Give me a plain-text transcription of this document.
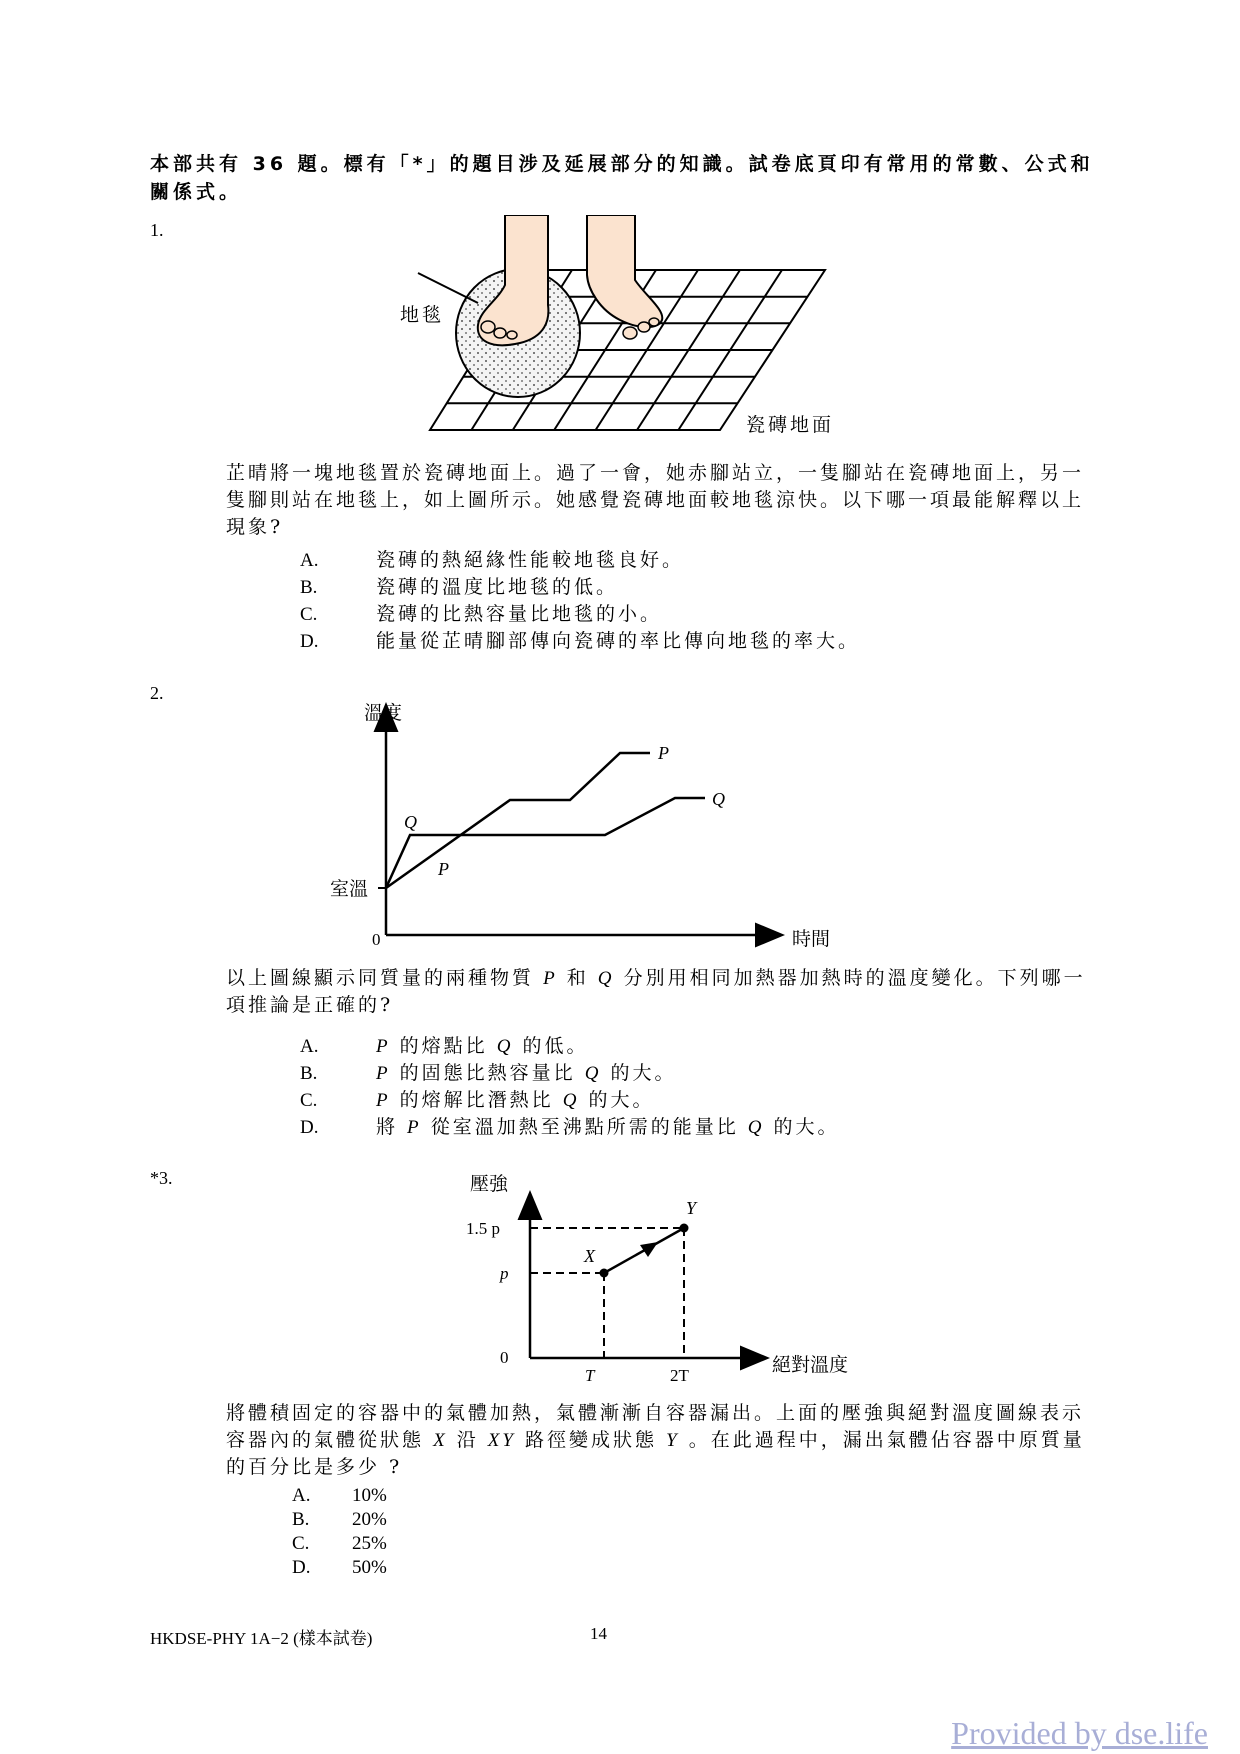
本部共有 36 題。標有「*」的題目涉及延展部分的知識。試卷底頁印有常用的常數、公式和關係式。
1.
地毯
瓷磚地面
芷晴將一塊地毯置於瓷磚地面上。過了一會，她赤腳站立，一隻腳站在瓷磚地面上，另一隻腳則站在地毯上，如上圖所示。她感覺瓷磚地面較地毯涼快。以下哪一項最能解釋以上現象?
A.	瓷磚的熱絕緣性能較地毯良好。
B.	瓷磚的溫度比地毯的低。
C.	瓷磚的比熱容量比地毯的小。
D.	能量從芷晴腳部傳向瓷磚的率比傳向地毯的率大。
2.
溫度
時間
0
室溫
P
P
Q
Q
以上圖線顯示同質量的兩種物質 P 和 Q 分別用相同加熱器加熱時的溫度變化。下列哪一項推論是正確的?
A.	P 的熔點比 Q 的低。
B.	P 的固態比熱容量比 Q 的大。
C.	P 的熔解比潛熱比 Q 的大。
D.	將 P 從室溫加熱至沸點所需的能量比 Q 的大。
*3.	壓強
絕對溫度
0
p
1.5 p
T	2T
X
Y
將體積固定的容器中的氣體加熱，氣體漸漸自容器漏出。上面的壓強與絕對溫度圖線表示容器內的氣體從狀態 X 沿 XY 路徑變成狀態 Y 。在此過程中，漏出氣體佔容器中原質量的百分比是多少 ?
A. 10%
B. 20%
C. 25%
D. 50%
HKDSE-PHY 1A−2 (樣本試卷)	14
Provided by dse.life
